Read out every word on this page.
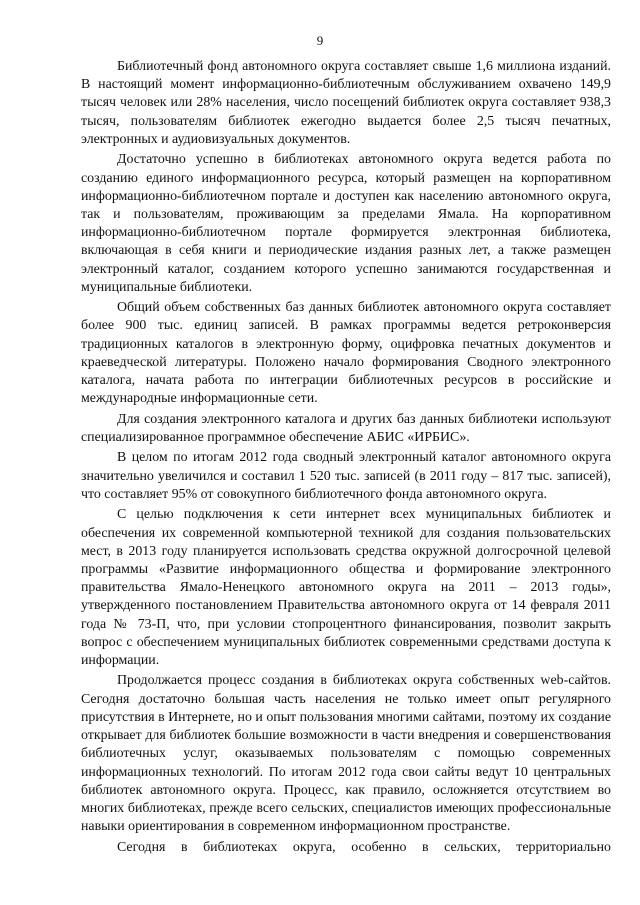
9

Библиотечный фонд автономного округа составляет свыше 1,6 миллиона изданий. В настоящий момент информационно-библиотечным обслуживанием охвачено 149,9 тысяч человек или 28% населения, число посещений библиотек округа составляет 938,3 тысяч, пользователям библиотек ежегодно выдается более 2,5 тысяч печатных, электронных и аудиовизуальных документов.

Достаточно успешно в библиотеках автономного округа ведется работа по созданию единого информационного ресурса, который размещен на корпоративном информационно-библиотечном портале и доступен как населению автономного округа, так и пользователям, проживающим за пределами Ямала. На корпоративном информационно-библиотечном портале формируется электронная библиотека, включающая в себя книги и периодические издания разных лет, а также размещен электронный каталог, созданием которого успешно занимаются государственная и муниципальные библиотеки.

Общий объем собственных баз данных библиотек автономного округа составляет более 900 тыс. единиц записей. В рамках программы ведется ретроконверсия традиционных каталогов в электронную форму, оцифровка печатных документов и краеведческой литературы. Положено начало формирования Сводного электронного каталога, начата работа по интеграции библиотечных ресурсов в российские и международные информационные сети.

Для создания электронного каталога и других баз данных библиотеки используют специализированное программное обеспечение АБИС «ИРБИС».

В целом по итогам 2012 года сводный электронный каталог автономного округа значительно увеличился и составил 1 520 тыс. записей (в 2011 году – 817 тыс. записей), что составляет 95% от совокупного библиотечного фонда автономного округа.

С целью подключения к сети интернет всех муниципальных библиотек и обеспечения их современной компьютерной техникой для создания пользовательских мест, в 2013 году планируется использовать средства окружной долгосрочной целевой программы «Развитие информационного общества и формирование электронного правительства Ямало-Ненецкого автономного округа на 2011 – 2013 годы», утвержденного постановлением Правительства автономного округа от 14 февраля 2011 года № 73-П, что, при условии стопроцентного финансирования, позволит закрыть вопрос с обеспечением муниципальных библиотек современными средствами доступа к информации.

Продолжается процесс создания в библиотеках округа собственных web-сайтов. Сегодня достаточно большая часть населения не только имеет опыт регулярного присутствия в Интернете, но и опыт пользования многими сайтами, поэтому их создание открывает для библиотек большие возможности в части внедрения и совершенствования библиотечных услуг, оказываемых пользователям с помощью современных информационных технологий. По итогам 2012 года свои сайты ведут 10 центральных библиотек автономного округа. Процесс, как правило, осложняется отсутствием во многих библиотеках, прежде всего сельских, специалистов имеющих профессиональные навыки ориентирования в современном информационном пространстве.

Сегодня в библиотеках округа, особенно в сельских, территориально
